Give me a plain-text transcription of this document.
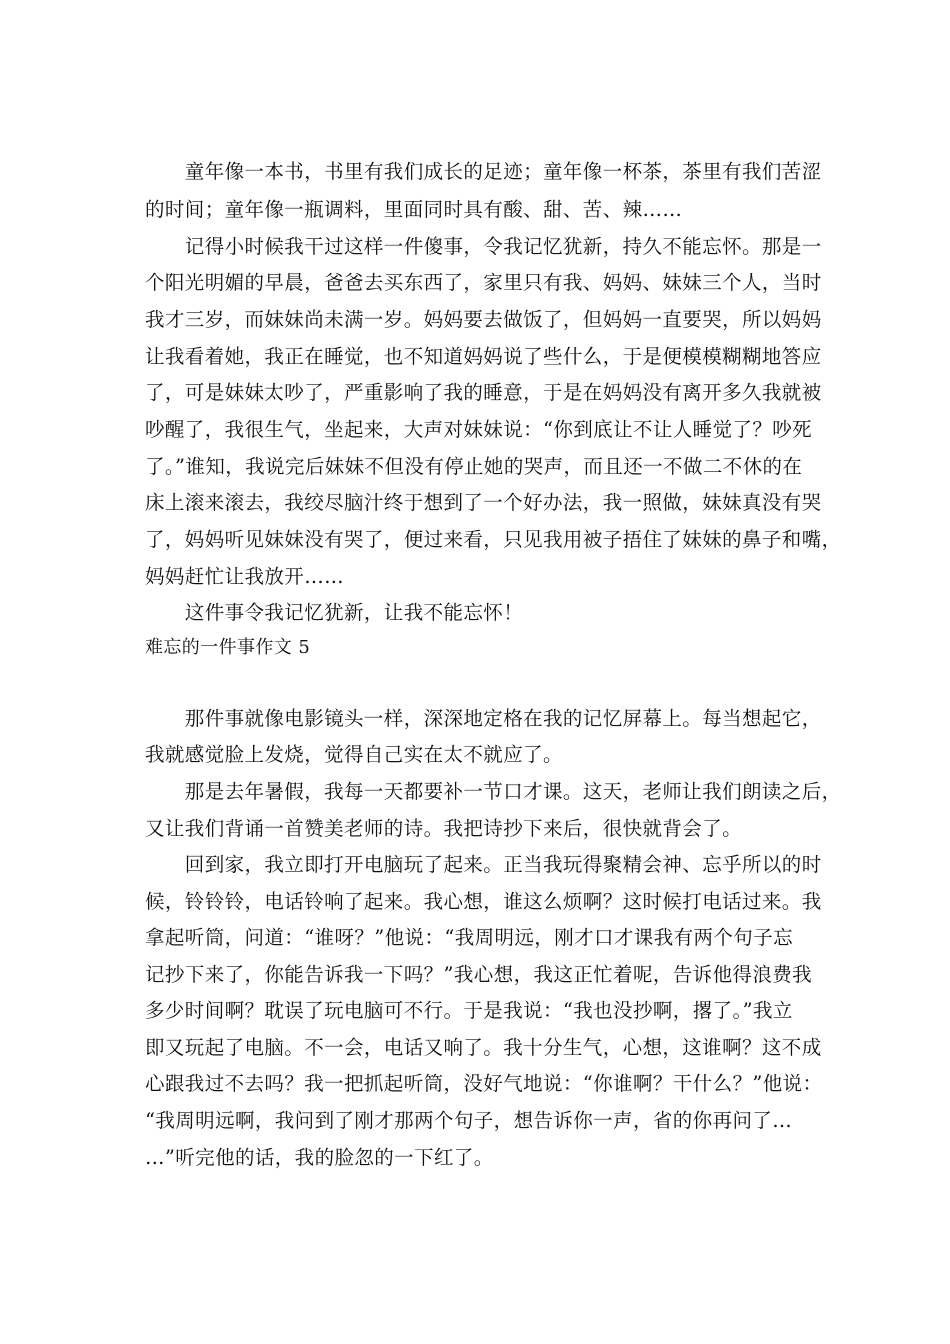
　　童年像一本书，书里有我们成长的足迹；童年像一杯茶，茶里有我们苦涩
的时间；童年像一瓶调料，里面同时具有酸、甜、苦、辣……
　　记得小时候我干过这样一件傻事，令我记忆犹新，持久不能忘怀。那是一
个阳光明媚的早晨，爸爸去买东西了，家里只有我、妈妈、妹妹三个人，当时
我才三岁，而妹妹尚未满一岁。妈妈要去做饭了，但妈妈一直要哭，所以妈妈
让我看着她，我正在睡觉，也不知道妈妈说了些什么，于是便模模糊糊地答应
了，可是妹妹太吵了，严重影响了我的睡意，于是在妈妈没有离开多久我就被
吵醒了，我很生气，坐起来，大声对妹妹说：“你到底让不让人睡觉了？吵死
了。”谁知，我说完后妹妹不但没有停止她的哭声，而且还一不做二不休的在
床上滚来滚去，我绞尽脑汁终于想到了一个好办法，我一照做，妹妹真没有哭
了，妈妈听见妹妹没有哭了，便过来看，只见我用被子捂住了妹妹的鼻子和嘴，
妈妈赶忙让我放开……
　　这件事令我记忆犹新，让我不能忘怀！
难忘的一件事作文 5
　　那件事就像电影镜头一样，深深地定格在我的记忆屏幕上。每当想起它，
我就感觉脸上发烧，觉得自己实在太不就应了。
　　那是去年暑假，我每一天都要补一节口才课。这天，老师让我们朗读之后，
又让我们背诵一首赞美老师的诗。我把诗抄下来后，很快就背会了。
　　回到家，我立即打开电脑玩了起来。正当我玩得聚精会神、忘乎所以的时
候，铃铃铃，电话铃响了起来。我心想，谁这么烦啊？这时候打电话过来。我
拿起听筒，问道：“谁呀？”他说：“我周明远，刚才口才课我有两个句子忘
记抄下来了，你能告诉我一下吗？”我心想，我这正忙着呢，告诉他得浪费我
多少时间啊？耽误了玩电脑可不行。于是我说：“我也没抄啊，撂了。”我立
即又玩起了电脑。不一会，电话又响了。我十分生气，心想，这谁啊？这不成
心跟我过不去吗？我一把抓起听筒，没好气地说：“你谁啊？干什么？”他说：
“我周明远啊，我问到了刚才那两个句子，想告诉你一声，省的你再问了…
…”听完他的话，我的脸忽的一下红了。
